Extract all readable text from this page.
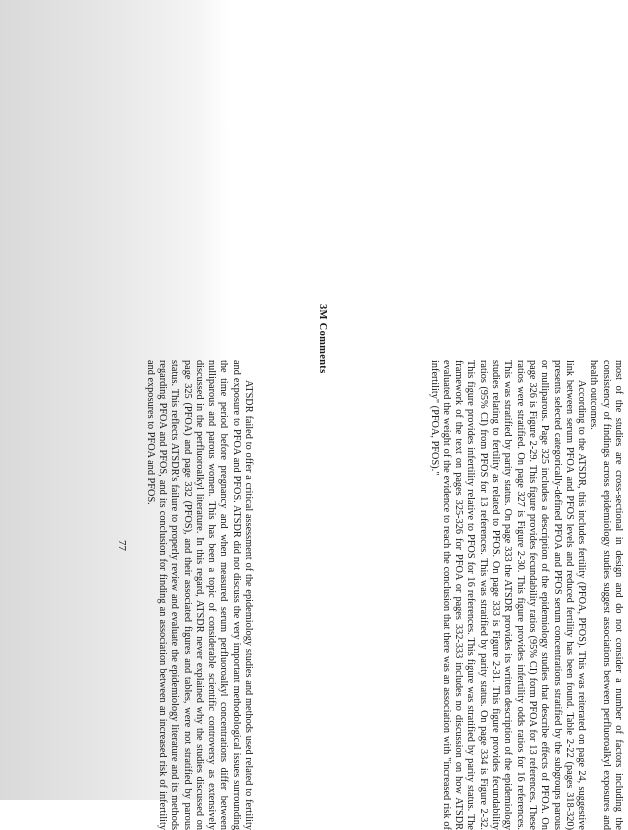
most of the studies are cross-sectional in design and do not consider a number of factors including the consistency of findings across epidemiology studies suggest associations between perfluoroalkyl exposures and health outcomes.

According to the ATSDR, this includes fertility (PFOA, PFOS). This was reiterated on page 24, suggestive link between serum PFOA and PFOS levels and reduced fertility has been found. Table 2-22 (pages 318-320) presents selected categorically-defined PFOA and PFOS serum concentrations stratified by the subgroups parous or nulliparous. Page 325 includes a description of the epidemiology studies that describe effects of PFOA. On page 326 is Figure 2-29. This figure provides fecundability ratios (95% CI) form PFOA for 13 references. These ratios were stratified. On page 327 is Figure 2-30. This figure provides infertility odds ratios for 16 references. This was stratified by parity status. On page 333 the ATSDR provides its written description of the epidemiology studies relating to fertility as related to PFOS. On page 333 is Figure 2-31. This figure provides fecundability ratios (95% CI) from PFOS for 13 references. This was stratified by parity status. On page 334 is Figure 2-32. This figure provides infertility relative to PFOS for 16 references. This figure was stratified by parity status. The framework of the text on pages 325-326 for PFOA or pages 332-333 includes no discussion on how ATSDR evaluated the weight of the evidence to reach the conclusion that there was an association with "increased risk of infertility" (PFOA, PFOS)."

3M Comments

ATSDR failed to offer a critical assessment of the epidemiology studies and methods used related to fertility and exposure to PFOA and PFOS. ATSDR did not discuss the very important methodological issues surrounding the time period before pregnancy and when measured serum perfluoroalkyl concentrations differ between nulliparous and parous women. This has been a topic of considerable scientific controversy as extensively discussed in the perfluoroalkyl literature. In this regard, ATSDR never explained why the studies discussed on page 325 (PFOA) and page 332 (PFOS), and their associated figures and tables, were not stratified by parous status. This reflects ATSDR's failure to properly review and evaluate the epidemiology literature and its methods regarding PFOA and PFOS, and its conclusion for finding an association between an increased risk of infertility and exposures to PFOA and PFOS.

77
